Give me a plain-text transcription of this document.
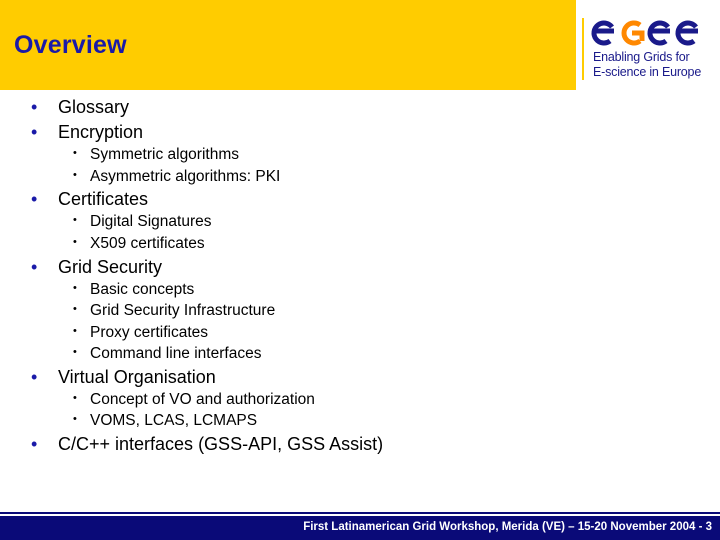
Overview	Enabling Grids for
E-science in Europe
• Glossary
• Encryption
• Symmetric algorithms
• Asymmetric algorithms: PKI
• Certificates
• Digital Signatures
• X509 certificates
• Grid Security
• Basic concepts
• Grid Security Infrastructure
• Proxy certificates
• Command line interfaces
• Virtual Organisation
• Concept of VO and authorization
• VOMS, LCAS, LCMAPS
• C/C++ interfaces (GSS-API, GSS Assist)
First Latinamerican Grid Workshop, Merida (VE) – 15-20 November 2004 - 3
